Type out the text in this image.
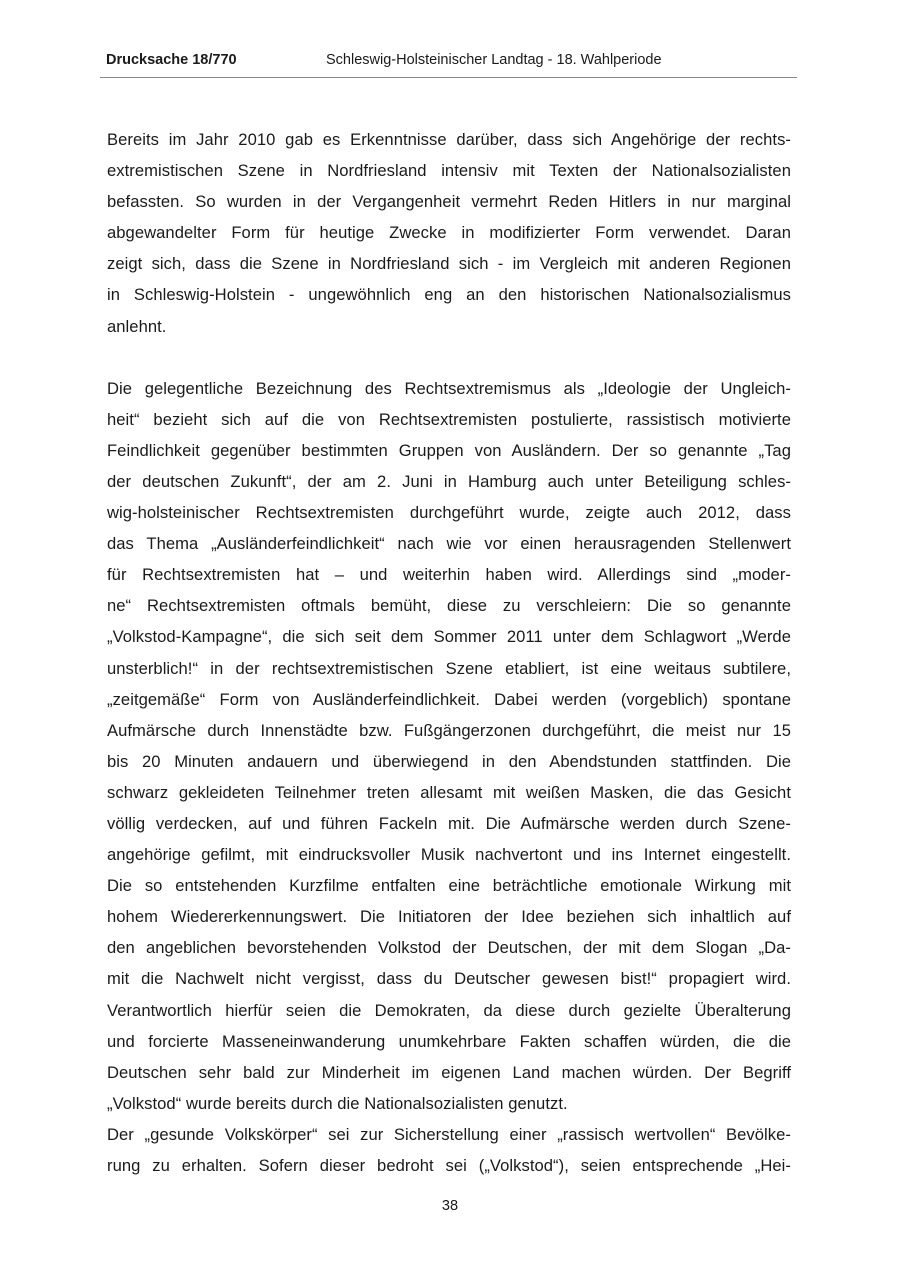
Drucksache 18/770	Schleswig-Holsteinischer Landtag - 18. Wahlperiode

Bereits im Jahr 2010 gab es Erkenntnisse darüber, dass sich Angehörige der rechts-
extremistischen Szene in Nordfriesland intensiv mit Texten der Nationalsozialisten
befassten. So wurden in der Vergangenheit vermehrt Reden Hitlers in nur marginal
abgewandelter Form für heutige Zwecke in modifizierter Form verwendet. Daran
zeigt sich, dass die Szene in Nordfriesland sich - im Vergleich mit anderen Regionen
in Schleswig-Holstein - ungewöhnlich eng an den historischen Nationalsozialismus
anlehnt.

Die gelegentliche Bezeichnung des Rechtsextremismus als „Ideologie der Ungleich-
heit“ bezieht sich auf die von Rechtsextremisten postulierte, rassistisch motivierte
Feindlichkeit gegenüber bestimmten Gruppen von Ausländern. Der so genannte „Tag
der deutschen Zukunft“, der am 2. Juni in Hamburg auch unter Beteiligung schles-
wig-holsteinischer Rechtsextremisten durchgeführt wurde, zeigte auch 2012, dass
das Thema „Ausländerfeindlichkeit“ nach wie vor einen herausragenden Stellenwert
für Rechtsextremisten hat – und weiterhin haben wird. Allerdings sind „moder-
ne“ Rechtsextremisten oftmals bemüht, diese zu verschleiern: Die so genannte
„Volkstod-Kampagne“, die sich seit dem Sommer 2011 unter dem Schlagwort „Werde
unsterblich!“ in der rechtsextremistischen Szene etabliert, ist eine weitaus subtilere,
„zeitgemäße“ Form von Ausländerfeindlichkeit. Dabei werden (vorgeblich) spontane
Aufmärsche durch Innenstädte bzw. Fußgängerzonen durchgeführt, die meist nur 15
bis 20 Minuten andauern und überwiegend in den Abendstunden stattfinden. Die
schwarz gekleideten Teilnehmer treten allesamt mit weißen Masken, die das Gesicht
völlig verdecken, auf und führen Fackeln mit. Die Aufmärsche werden durch Szene-
angehörige gefilmt, mit eindrucksvoller Musik nachvertont und ins Internet eingestellt.
Die so entstehenden Kurzfilme entfalten eine beträchtliche emotionale Wirkung mit
hohem Wiedererkennungswert. Die Initiatoren der Idee beziehen sich inhaltlich auf
den angeblichen bevorstehenden Volkstod der Deutschen, der mit dem Slogan „Da-
mit die Nachwelt nicht vergisst, dass du Deutscher gewesen bist!“ propagiert wird.
Verantwortlich hierfür seien die Demokraten, da diese durch gezielte Überalterung
und forcierte Masseneinwanderung unumkehrbare Fakten schaffen würden, die die
Deutschen sehr bald zur Minderheit im eigenen Land machen würden. Der Begriff
„Volkstod“ wurde bereits durch die Nationalsozialisten genutzt.

Der „gesunde Volkskörper“ sei zur Sicherstellung einer „rassisch wertvollen“ Bevölke-
rung zu erhalten. Sofern dieser bedroht sei („Volkstod“), seien entsprechende „Hei-

38
